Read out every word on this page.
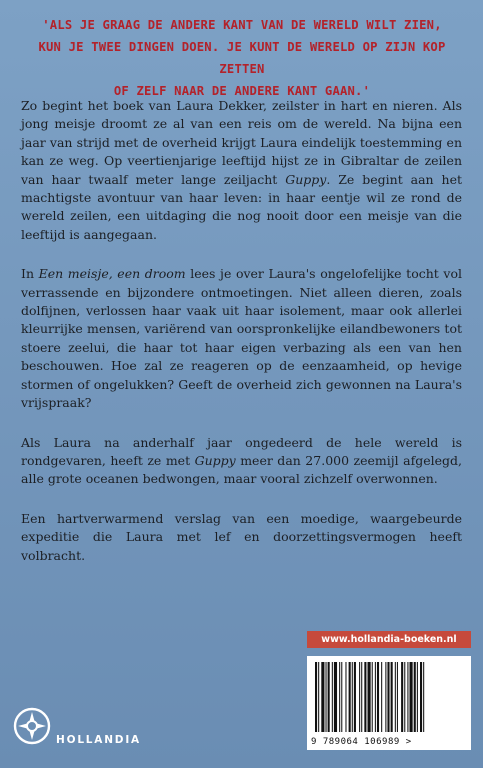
'ALS JE GRAAG DE ANDERE KANT VAN DE WERELD WILT ZIEN,
KUN JE TWEE DINGEN DOEN. JE KUNT DE WERELD OP ZIJN KOP ZETTEN
OF ZELF NAAR DE ANDERE KANT GAAN.'

Zo begint het boek van Laura Dekker, zeilster in hart en nieren. Als jong meisje droomt ze al van een reis om de wereld. Na bijna een jaar van strijd met de overheid krijgt Laura eindelijk toestemming en kan ze weg. Op veertienjarige leeftijd hijst ze in Gibraltar de zeilen van haar twaalf meter lange zeiljacht Guppy. Ze begint aan het machtigste avontuur van haar leven: in haar eentje wil ze rond de wereld zeilen, een uitdaging die nog nooit door een meisje van die leeftijd is aangegaan.

In Een meisje, een droom lees je over Laura's ongelofelijke tocht vol verrassende en bijzondere ontmoetingen. Niet alleen dieren, zoals dolfijnen, verlossen haar vaak uit haar isolement, maar ook allerlei kleurrijke mensen, variërend van oorspronkelijke eilandbewoners tot stoere zeelui, die haar tot haar eigen verbazing als een van hen beschouwen. Hoe zal ze reageren op de eenzaamheid, op hevige stormen of ongelukken? Geeft de overheid zich gewonnen na Laura's vrijspraak?

Als Laura na anderhalf jaar ongedeerd de hele wereld is rondgevaren, heeft ze met Guppy meer dan 27.000 zeemijl afgelegd, alle grote oceanen bedwongen, maar vooral zichzelf overwonnen.

Een hartverwarmend verslag van een moedige, waargebeurde expeditie die Laura met lef en doorzettingsvermogen heeft volbracht.

www.hollandia-boeken.nl
9 789064 106989 >
HOLLANDIA
